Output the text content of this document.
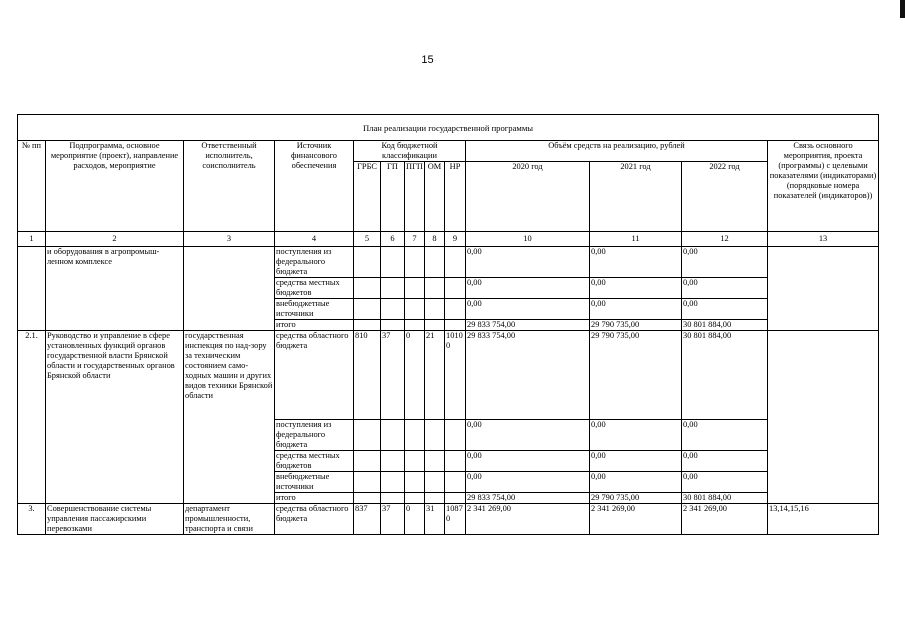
15
План реализации государственной программы												
№ пп	Подпрограмма, основное мероприятие (проект), направление расходов, мероприятие	Ответственный исполнитель, соисполнитель	Источник финансового обеспечения	Код бюджетной классификации					Объём средств на реализацию, рублей			Связь основного мероприятия, проекта (программы) с целевыми показателями (индикаторами) (порядковые номера показателей (индикаторов))
				ГРБС	ГП	ПГП	ОМ	НР	2020 год	2021 год	2022 год	
1	2	3	4	5	6	7	8	9	10	11	12	13
	и оборудования в агропромыш-ленном комплексе		поступления из федерального бюджета						0,00	0,00	0,00	
			средства местных бюджетов						0,00	0,00	0,00	
			внебюджетные источники						0,00	0,00	0,00	
			итого						29 833 754,00	29 790 735,00	30 801 884,00	
2.1.	Руководство и управление в сфере установленных функций органов государственной власти Брянской области и государственных органов Брянской области	государственная инспекция по над-зору за техническим состоянием само-ходных машин и других видов техники Брянской области	средства областного бюджета	810	37	0	21	10100	29 833 754,00	29 790 735,00	30 801 884,00	
			поступления из федерального бюджета						0,00	0,00	0,00	
			средства местных бюджетов						0,00	0,00	0,00	
			внебюджетные источники						0,00	0,00	0,00	
			итого						29 833 754,00	29 790 735,00	30 801 884,00	
3.	Совершенствование системы управления пассажирскими перевозками	департамент промышленности, транспорта и связи	средства областного бюджета	837	37	0	31	10870	2 341 269,00	2 341 269,00	2 341 269,00	13,14,15,16
